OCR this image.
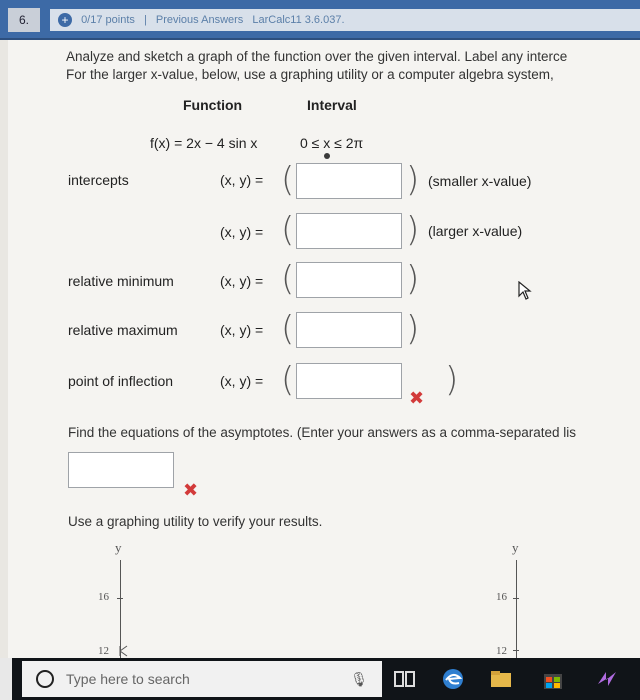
6.	+ 0/17 points | Previous Answers LarCalc11 3.6.037.
Analyze and sketch a graph of the function over the given interval. Label any interce
For the larger x-value, below, use a graphing utility or a computer algebra system,
Function	Interval
f(x) = 2x − 4 sin x	0 ≤ x ≤ 2π
intercepts	(x, y) = (	) (smaller x-value)
(x, y) = (	) (larger x-value)
relative minimum	(x, y) = (	)
relative maximum	(x, y) = (	)
point of inflection	(x, y) = (	✖ )
Find the equations of the asymptotes. (Enter your answers as a comma-separated lis
✖
Use a graphing utility to verify your results.
y
16
12
y
16
12
Type here to search	🎙
